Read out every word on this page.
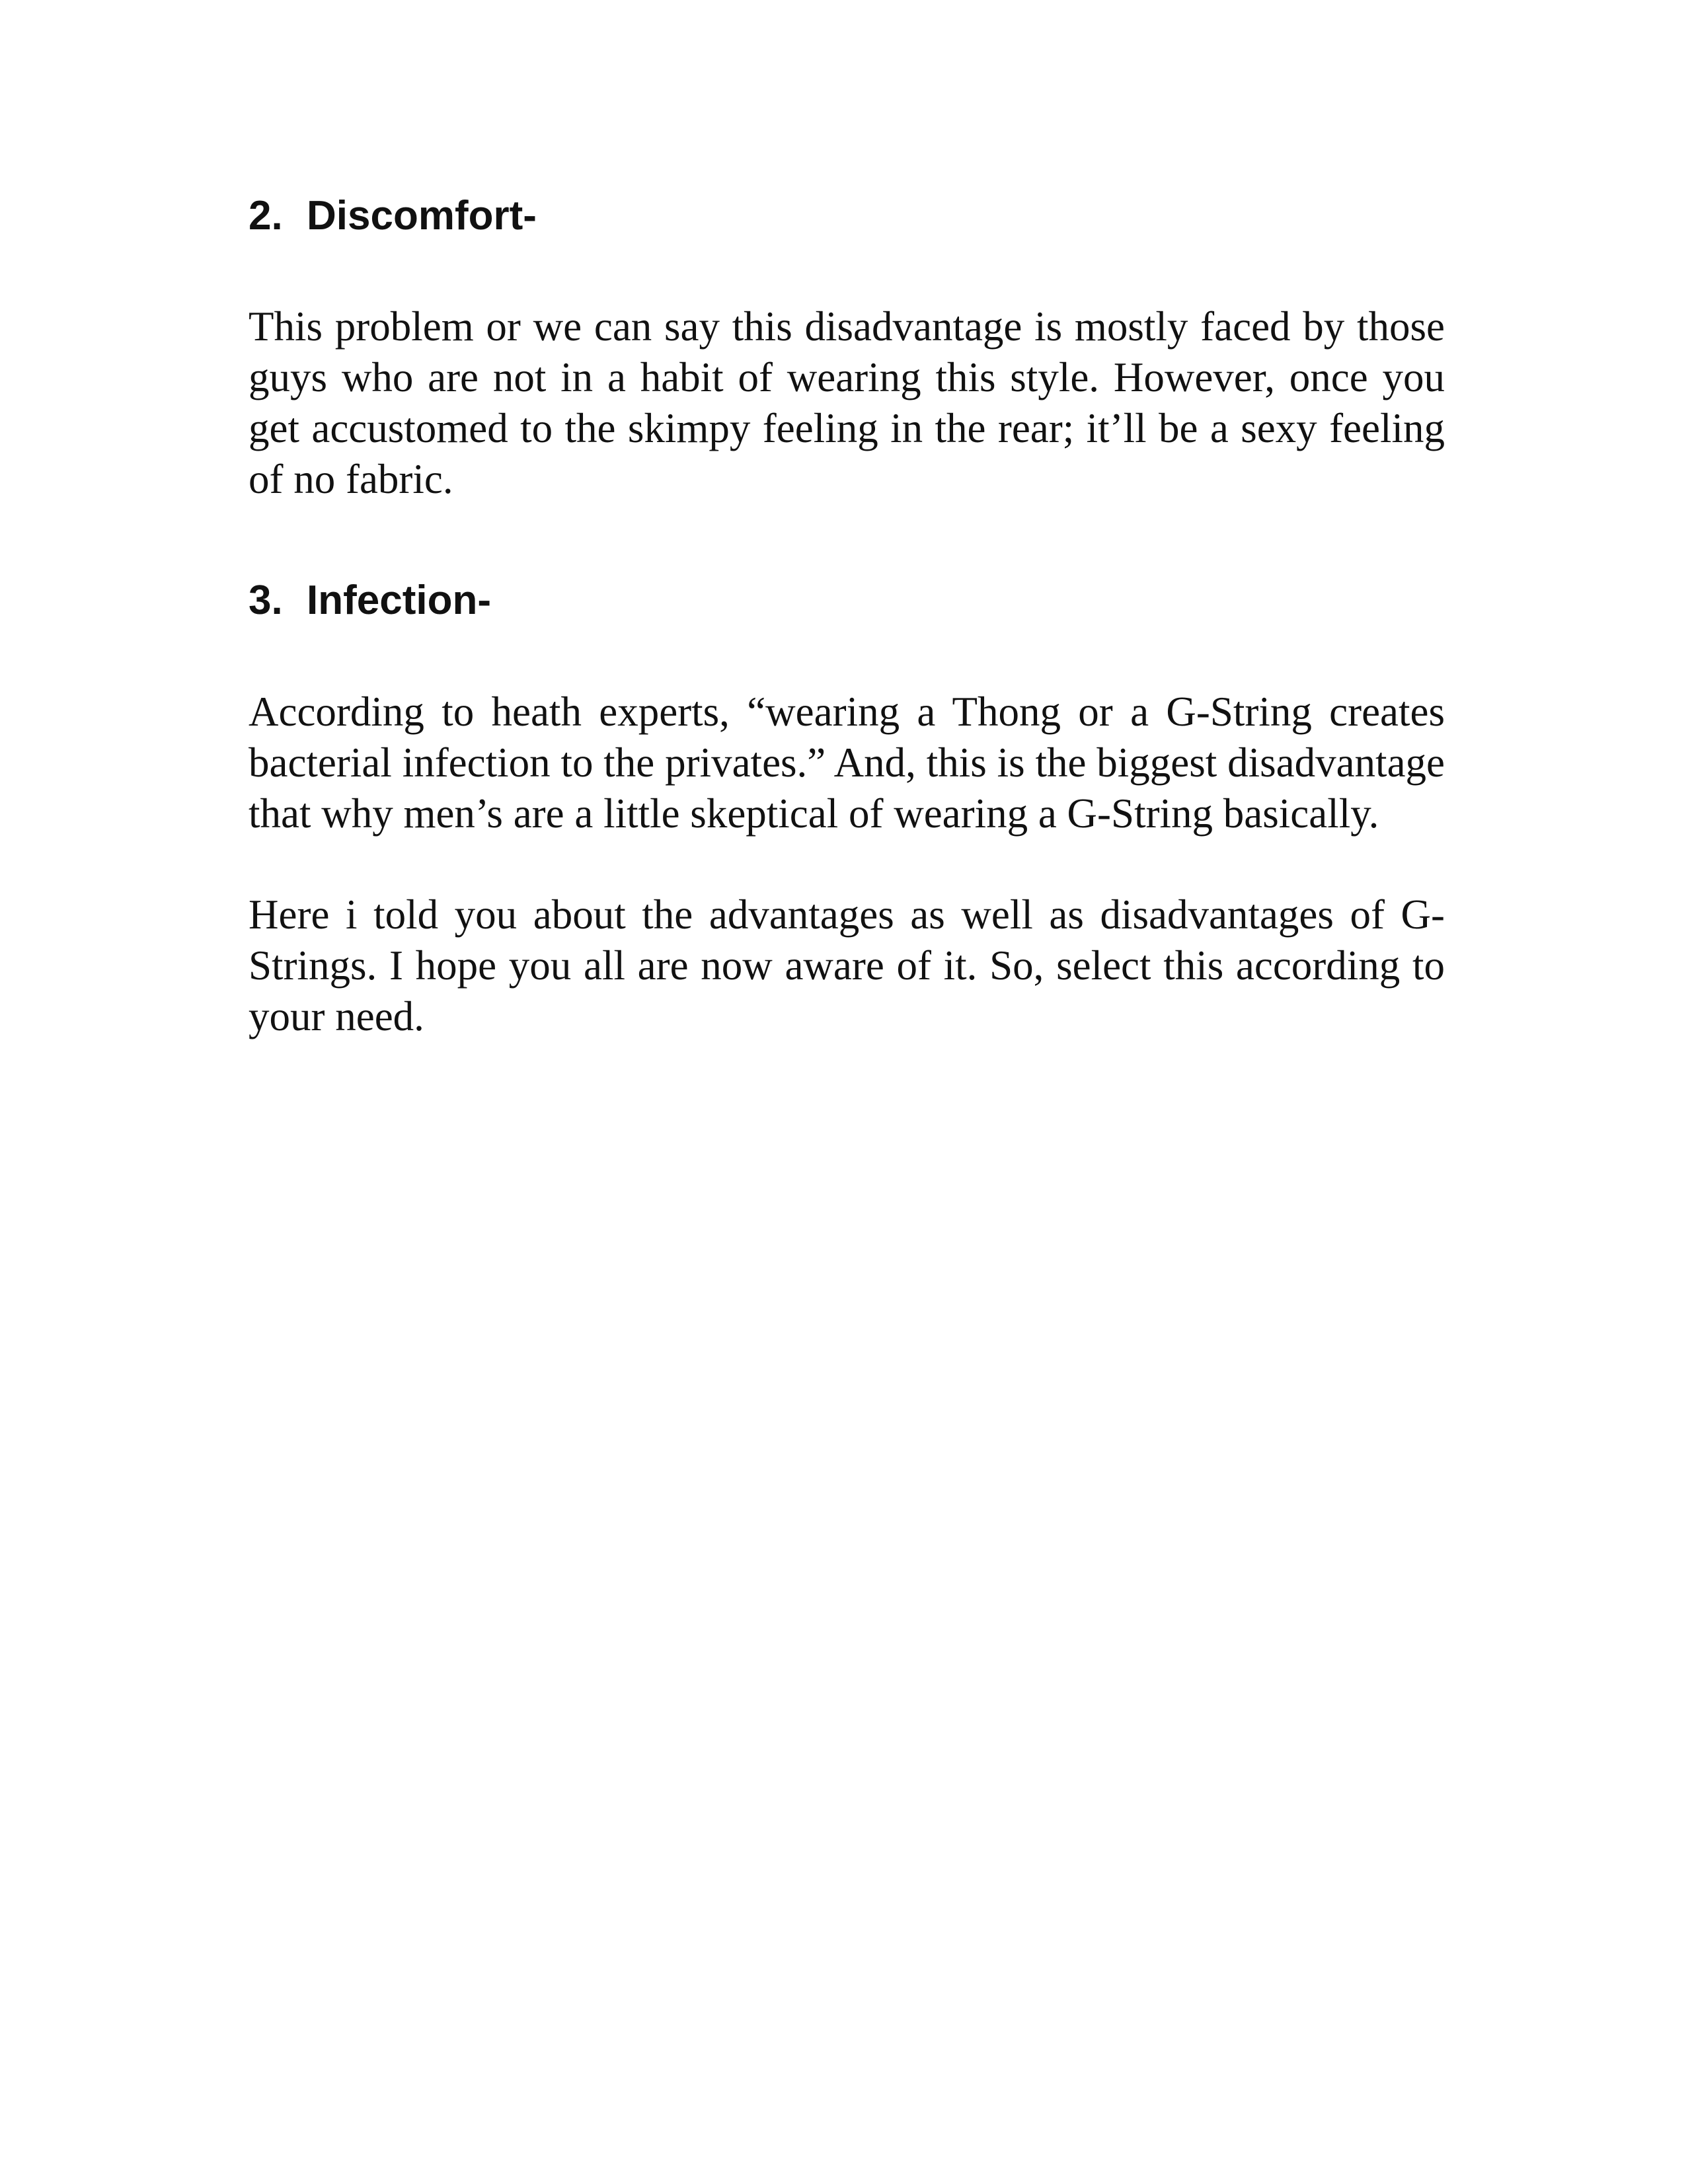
2. Discomfort-

This problem or we can say this disadvantage is mostly faced by those guys who are not in a habit of wearing this style. However, once you get accustomed to the skimpy feeling in the rear; it’ll be a sexy feeling of no fabric.

3. Infection-

According to heath experts, “wearing a Thong or a G-String creates bacterial infection to the privates.” And, this is the biggest disadvantage that why men’s are a little skeptical of wearing a G-String basically.

Here i told you about the advantages as well as disadvantages of G-Strings. I hope you all are now aware of it. So, select this according to your need.
